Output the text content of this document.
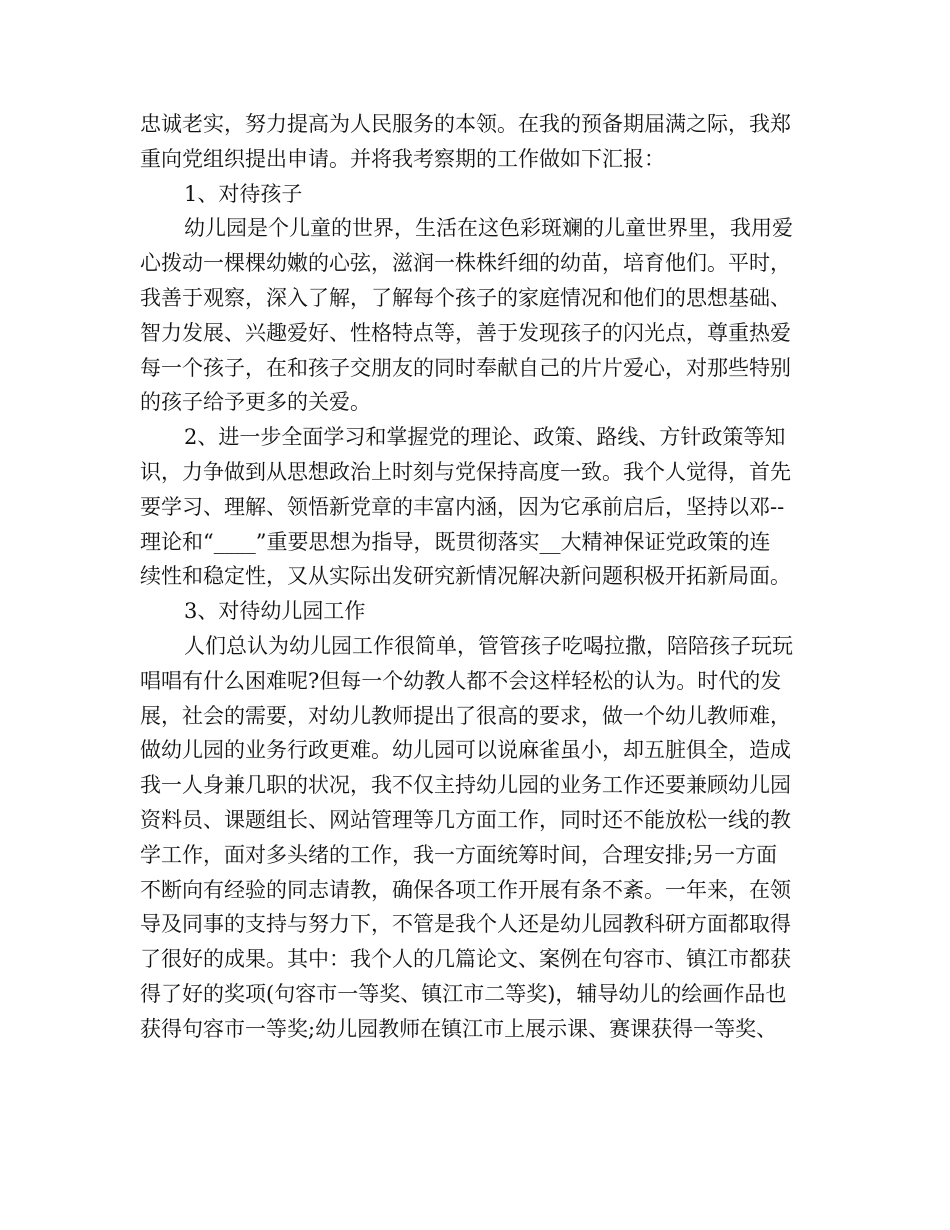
忠诚老实，努力提高为人民服务的本领。在我的预备期届满之际，我郑
重向党组织提出申请。并将我考察期的工作做如下汇报：
1、对待孩子
幼儿园是个儿童的世界，生活在这色彩斑斓的儿童世界里，我用爱
心拨动一棵棵幼嫩的心弦，滋润一株株纤细的幼苗，培育他们。平时，
我善于观察，深入了解，了解每个孩子的家庭情况和他们的思想基础、
智力发展、兴趣爱好、性格特点等，善于发现孩子的闪光点，尊重热爱
每一个孩子，在和孩子交朋友的同时奉献自己的片片爱心，对那些特别
的孩子给予更多的关爱。
2、进一步全面学习和掌握党的理论、政策、路线、方针政策等知
识，力争做到从思想政治上时刻与党保持高度一致。我个人觉得，首先
要学习、理解、领悟新党章的丰富内涵，因为它承前启后，坚持以邓--
理论和“____”重要思想为指导，既贯彻落实__大精神保证党政策的连
续性和稳定性，又从实际出发研究新情况解决新问题积极开拓新局面。
3、对待幼儿园工作
人们总认为幼儿园工作很简单，管管孩子吃喝拉撒，陪陪孩子玩玩
唱唱有什么困难呢?但每一个幼教人都不会这样轻松的认为。时代的发
展，社会的需要，对幼儿教师提出了很高的要求，做一个幼儿教师难，
做幼儿园的业务行政更难。幼儿园可以说麻雀虽小，却五脏俱全，造成
我一人身兼几职的状况，我不仅主持幼儿园的业务工作还要兼顾幼儿园
资料员、课题组长、网站管理等几方面工作，同时还不能放松一线的教
学工作，面对多头绪的工作，我一方面统筹时间，合理安排;另一方面
不断向有经验的同志请教，确保各项工作开展有条不紊。一年来，在领
导及同事的支持与努力下，不管是我个人还是幼儿园教科研方面都取得
了很好的成果。其中：我个人的几篇论文、案例在句容市、镇江市都获
得了好的奖项(句容市一等奖、镇江市二等奖)，辅导幼儿的绘画作品也
获得句容市一等奖;幼儿园教师在镇江市上展示课、赛课获得一等奖、
